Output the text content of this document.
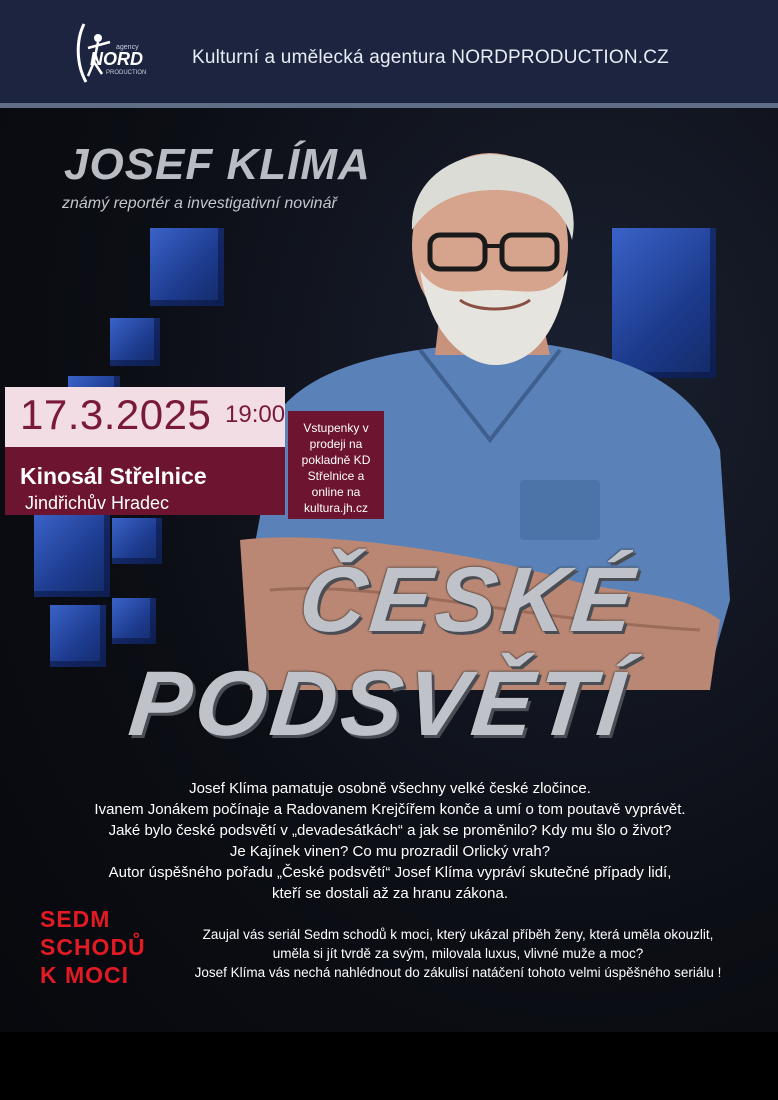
agency
NORD
PRODUCTION
Kulturní a umělecká agentura NORDPRODUCTION.CZ
JOSEF KLÍMA
známý reportér a investigativní novinář
17.3.2025 19:00
Kinosál Střelnice
Jindřichův Hradec
Vstupenky v prodeji na pokladně KD Střelnice a online na kultura.jh.cz
ČESKÉ
PODSVĚTÍ

Josef Klíma pamatuje osobně všechny velké české zločince.

Ivanem Jonákem počínaje a Radovanem Krejčířem konče a umí o tom poutavě vyprávět.

Jaké bylo české podsvětí v „devadesátkách“ a jak se proměnilo? Kdy mu šlo o život?

Je Kajínek vinen? Co mu prozradil Orlický vrah?

Autor úspěšného pořadu „České podsvětí“ Josef Klíma vypráví skutečné případy lidí,

kteří se dostali až za hranu zákona.

SEDM
SCHODŮ
K MOCI

Zaujal vás seriál Sedm schodů k moci, který ukázal příběh ženy, která uměla okouzlit,

uměla si jít tvrdě za svým, milovala luxus, vlivné muže a moc?

Josef Klíma vás nechá nahlédnout do zákulisí natáčení tohoto velmi úspěšného seriálu !
